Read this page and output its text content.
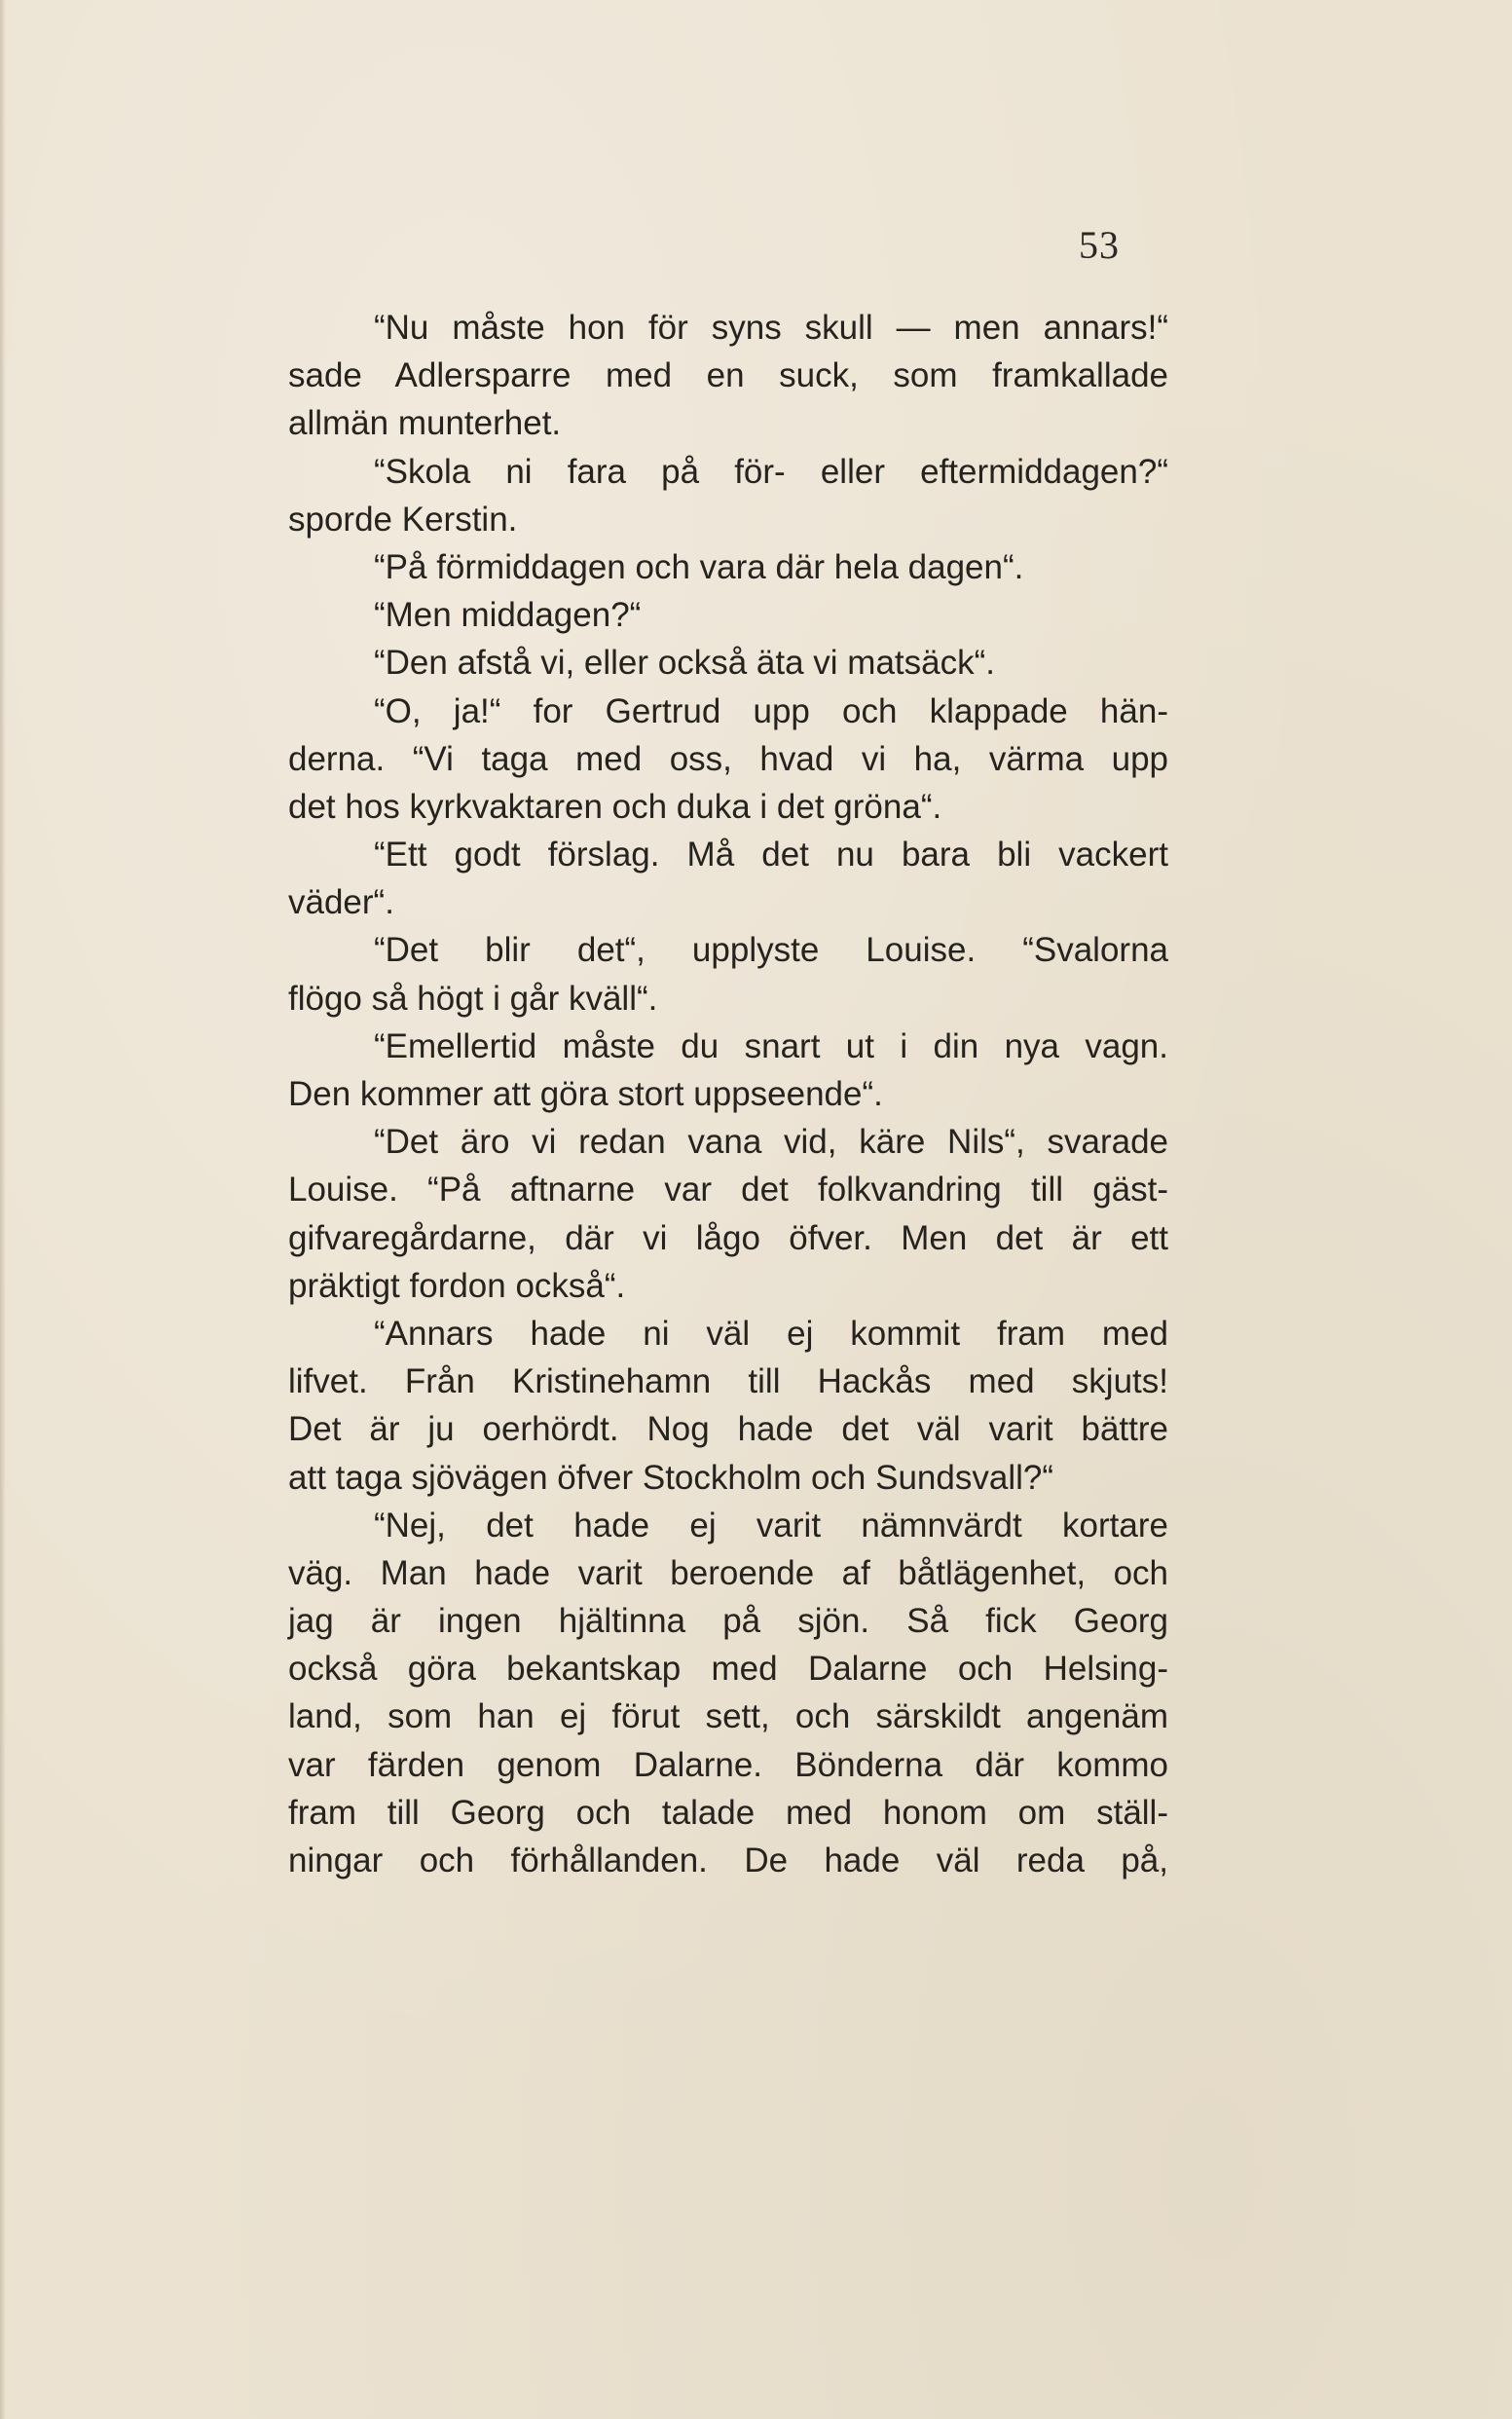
53
“Nu måste hon för syns skull — men annars!“
sade Adlersparre med en suck, som framkallade
allmän munterhet.
“Skola ni fara på för- eller eftermiddagen?“
sporde Kerstin.
“På förmiddagen och vara där hela dagen“.
“Men middagen?“
“Den afstå vi, eller också äta vi matsäck“.
“O, ja!“ for Gertrud upp och klappade hän-
derna. “Vi taga med oss, hvad vi ha, värma upp
det hos kyrkvaktaren och duka i det gröna“.
“Ett godt förslag. Må det nu bara bli vackert
väder“.
“Det blir det“, upplyste Louise. “Svalorna
flögo så högt i går kväll“.
“Emellertid måste du snart ut i din nya vagn.
Den kommer att göra stort uppseende“.
“Det äro vi redan vana vid, käre Nils“, svarade
Louise. “På aftnarne var det folkvandring till gäst-
gifvaregårdarne, där vi lågo öfver. Men det är ett
präktigt fordon också“.
“Annars hade ni väl ej kommit fram med
lifvet. Från Kristinehamn till Hackås med skjuts!
Det är ju oerhördt. Nog hade det väl varit bättre
att taga sjövägen öfver Stockholm och Sundsvall?“
“Nej, det hade ej varit nämnvärdt kortare
väg. Man hade varit beroende af båtlägenhet, och
jag är ingen hjältinna på sjön. Så fick Georg
också göra bekantskap med Dalarne och Helsing-
land, som han ej förut sett, och särskildt angenäm
var färden genom Dalarne. Bönderna där kommo
fram till Georg och talade med honom om ställ-
ningar och förhållanden. De hade väl reda på,
